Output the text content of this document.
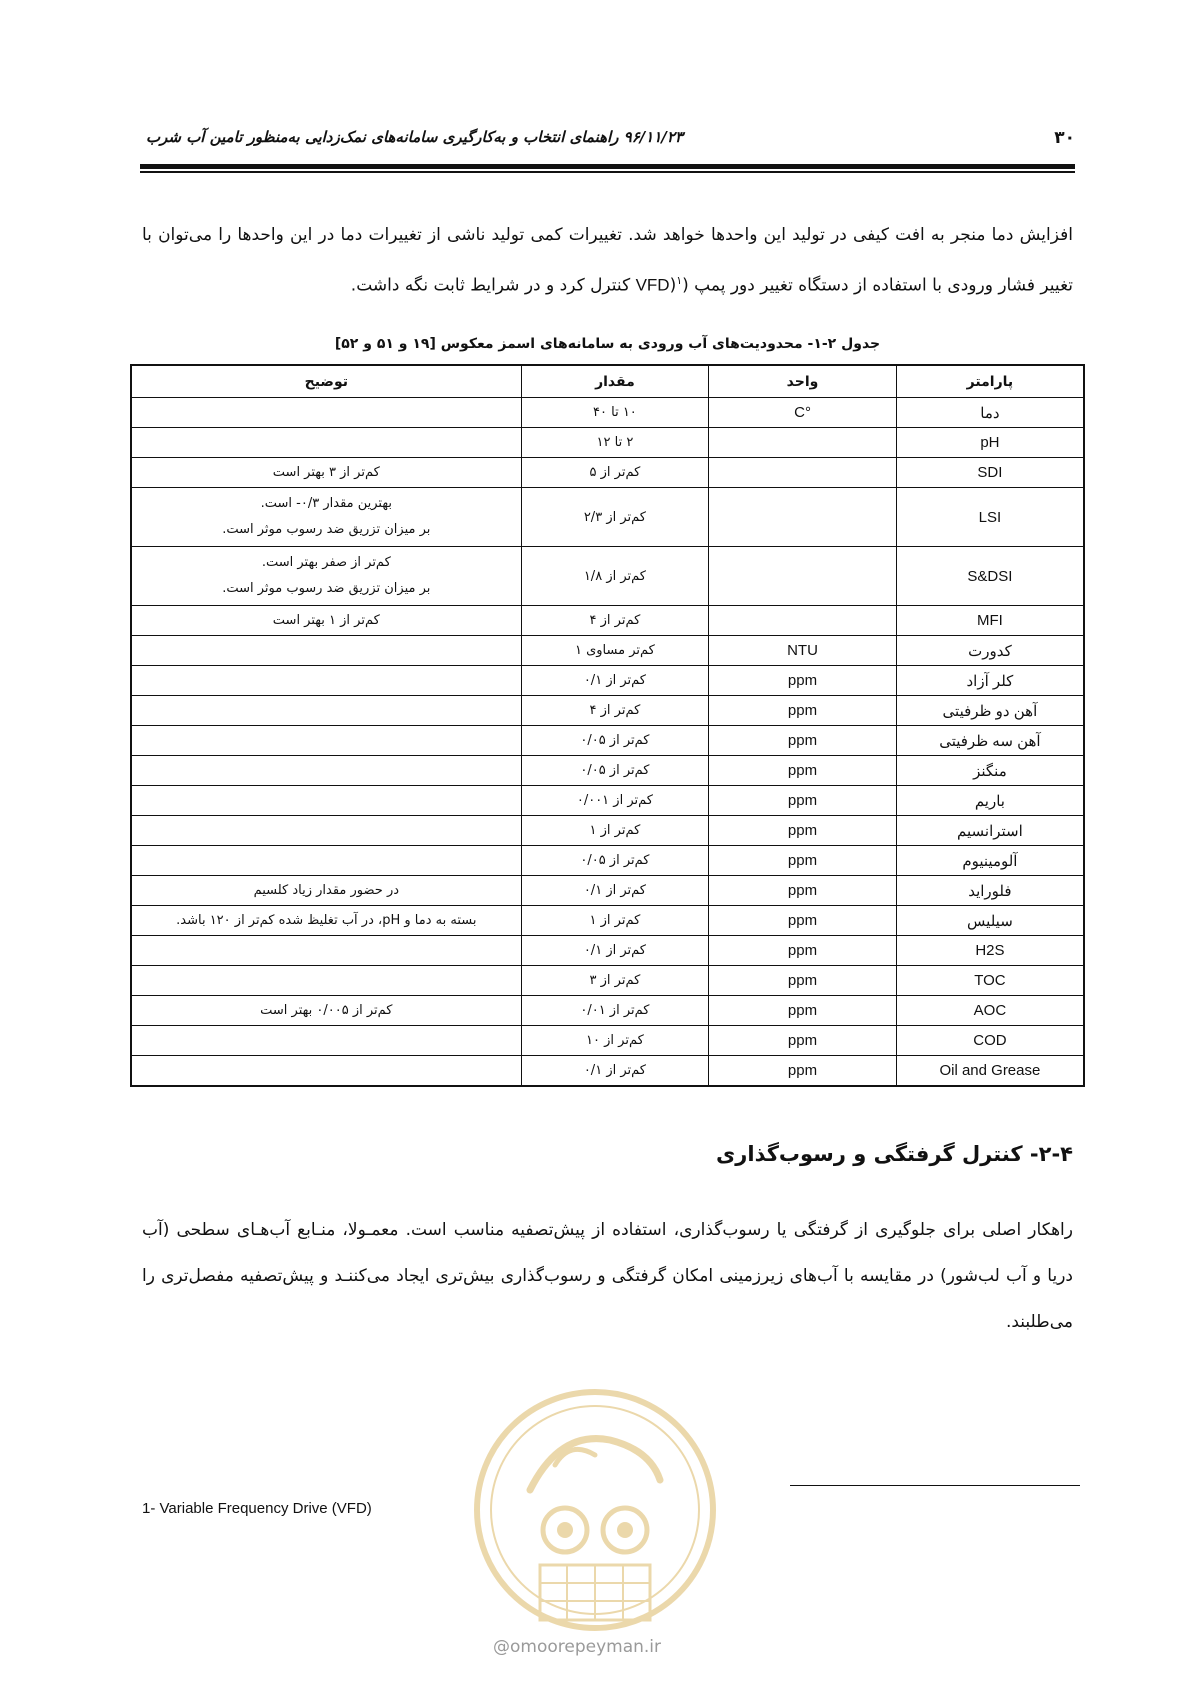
۳۰
۹۶/۱۱/۲۳ راهنمای انتخاب و به‌کارگیری سامانه‌های نمک‌زدایی به‌منظور تامین آب شرب
افزایش دما منجر به افت کیفی در تولید این واحدها خواهد شد. تغییرات کمی تولید ناشی از تغییرات دما در این واحدها را می‌توان با تغییر فشار ورودی با استفاده از دستگاه تغییر دور پمپ (VFD)$^۱$ کنترل کرد و در شرایط ثابت نگه داشت.
جدول ۲-۱- محدودیت‌های آب ورودی به سامانه‌های اسمز معکوس [۱۹ و ۵۱ و ۵۲]
پارامتر	واحد	مقدار	توضیح
دما	°C	۱۰ تا ۴۰	

pH		۲ تا ۱۲	

SDI		کم‌تر از ۵	کم‌تر از ۳ بهتر است

LSI		کم‌تر از ۲/۳	بهترین مقدار ۰/۳- است.
بر میزان تزریق ضد رسوب موثر است.

S&DSI		کم‌تر از ۱/۸	کم‌تر از صفر بهتر است.
بر میزان تزریق ضد رسوب موثر است.

MFI		کم‌تر از ۴	کم‌تر از ۱ بهتر است

کدورت	NTU	کم‌تر مساوی ۱	

کلر آزاد	ppm	کم‌تر از ۰/۱	

آهن دو ظرفیتی	ppm	کم‌تر از ۴	

آهن سه ظرفیتی	ppm	کم‌تر از ۰/۰۵	

منگنز	ppm	کم‌تر از ۰/۰۵	

باریم	ppm	کم‌تر از ۰/۰۰۱	

استرانسیم	ppm	کم‌تر از ۱	

آلومینیوم	ppm	کم‌تر از ۰/۰۵	

فلوراید	ppm	کم‌تر از ۰/۱	در حضور مقدار زیاد کلسیم

سیلیس	ppm	کم‌تر از ۱	بسته به دما و pH، در آب تغلیظ شده کم‌تر از ۱۲۰ باشد.

H2S	ppm	کم‌تر از ۰/۱	

TOC	ppm	کم‌تر از ۳	

AOC	ppm	کم‌تر از ۰/۰۱	کم‌تر از ۰/۰۰۵ بهتر است

COD	ppm	کم‌تر از ۱۰	

Oil and Grease	ppm	کم‌تر از ۰/۱	
۲-۴- کنترل گرفتگی و رسوب‌گذاری
راهکار اصلی برای جلوگیری از گرفتگی یا رسوب‌گذاری، استفاده از پیش‌تصفیه مناسب است. معمـولا، منـابع آب‌هـای سطحی (آب دریا و آب لب‌شور) در مقایسه با آب‌های زیرزمینی امکان گرفتگی و رسوب‌گذاری بیش‌تری ایجاد می‌کننـد و پیش‌تصفیه مفصل‌تری را می‌طلبند.
@omoorepeyman.ir
1- Variable Frequency Drive (VFD)
